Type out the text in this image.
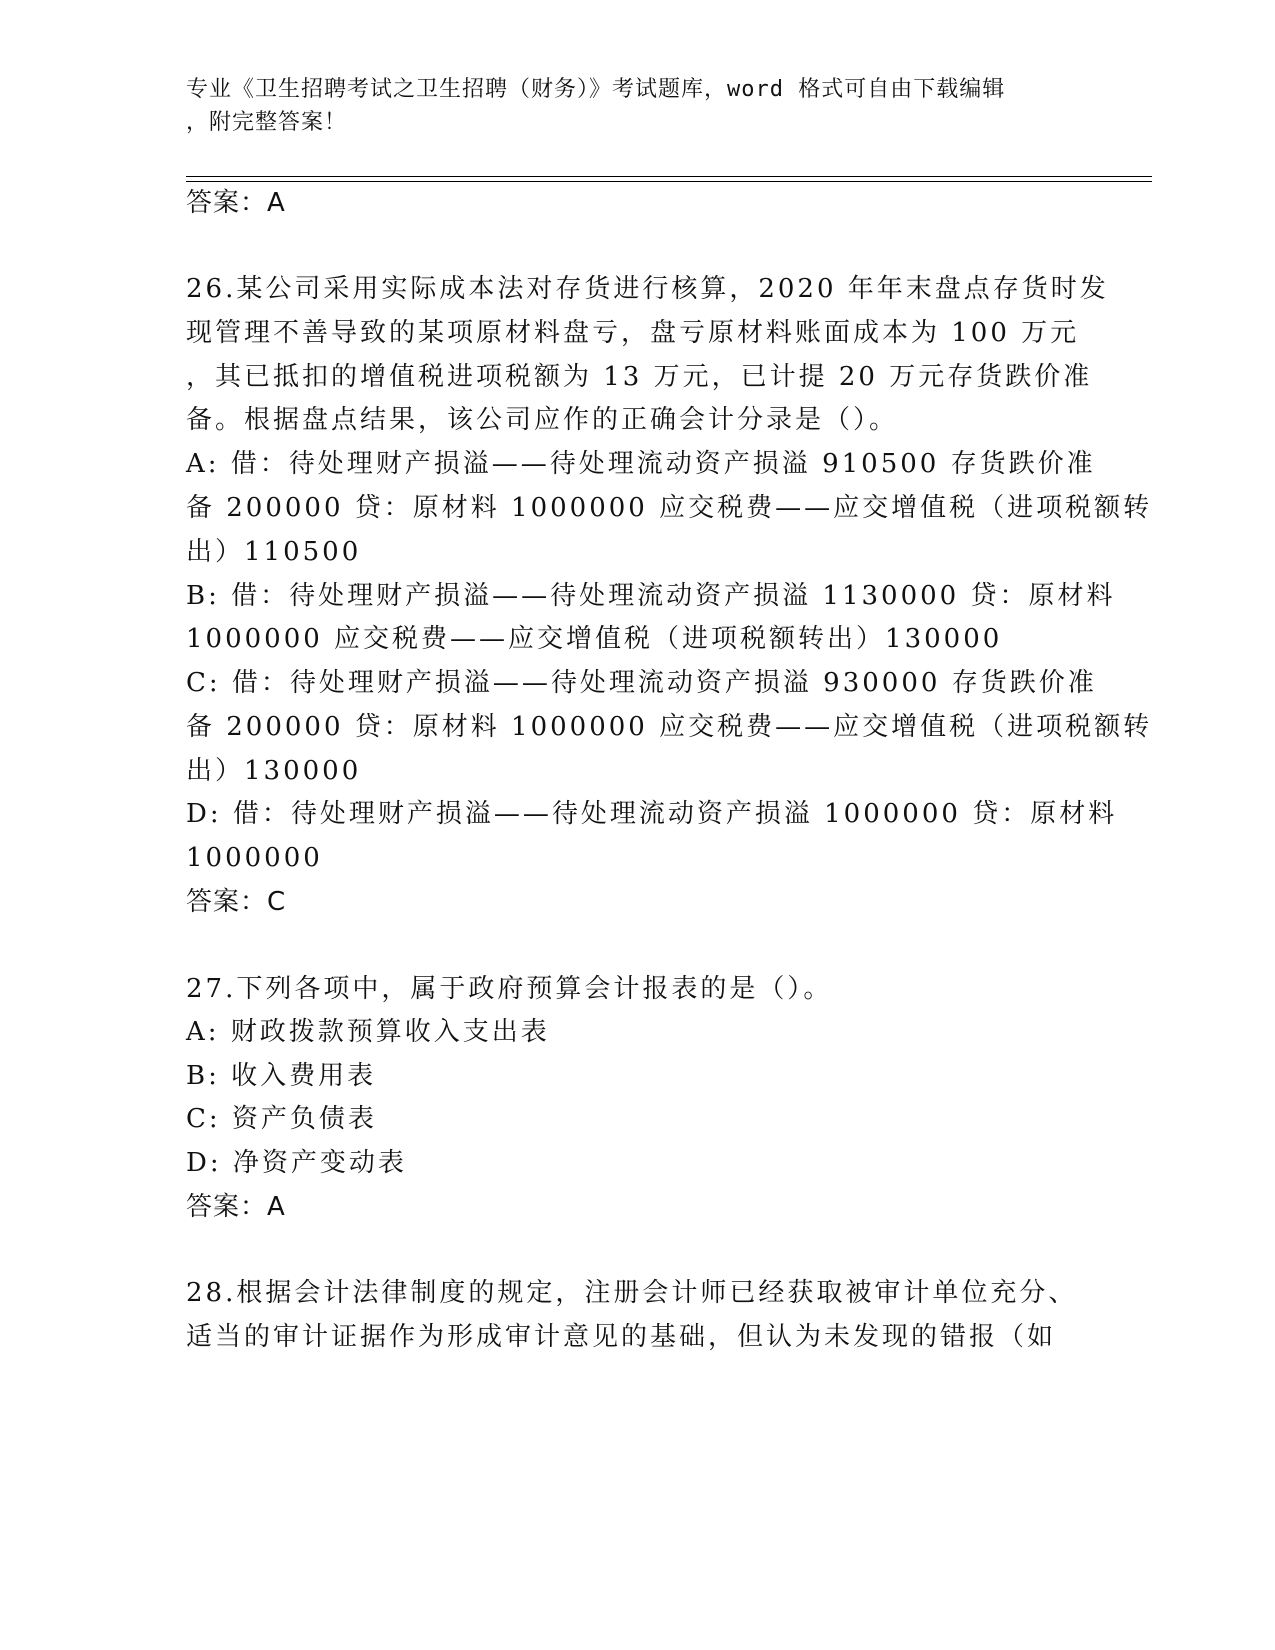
专业《卫生招聘考试之卫生招聘（财务）》考试题库，word 格式可自由下载编辑
，附完整答案！
答案：A
26.某公司采用实际成本法对存货进行核算，2020 年年末盘点存货时发
现管理不善导致的某项原材料盘亏，盘亏原材料账面成本为 100 万元
，其已抵扣的增值税进项税额为 13 万元，已计提 20 万元存货跌价准
备。根据盘点结果，该公司应作的正确会计分录是（）。
A: 借：待处理财产损溢——待处理流动资产损溢 910500 存货跌价准
备 200000 贷：原材料 1000000 应交税费——应交增值税（进项税额转
出）110500
B: 借：待处理财产损溢——待处理流动资产损溢 1130000 贷：原材料
1000000 应交税费——应交增值税（进项税额转出）130000
C: 借：待处理财产损溢——待处理流动资产损溢 930000 存货跌价准
备 200000 贷：原材料 1000000 应交税费——应交增值税（进项税额转
出）130000
D: 借：待处理财产损溢——待处理流动资产损溢 1000000 贷：原材料
1000000
答案：C
27.下列各项中，属于政府预算会计报表的是（）。
A: 财政拨款预算收入支出表
B: 收入费用表
C: 资产负债表
D: 净资产变动表
答案：A
28.根据会计法律制度的规定，注册会计师已经获取被审计单位充分、
适当的审计证据作为形成审计意见的基础，但认为未发现的错报（如
